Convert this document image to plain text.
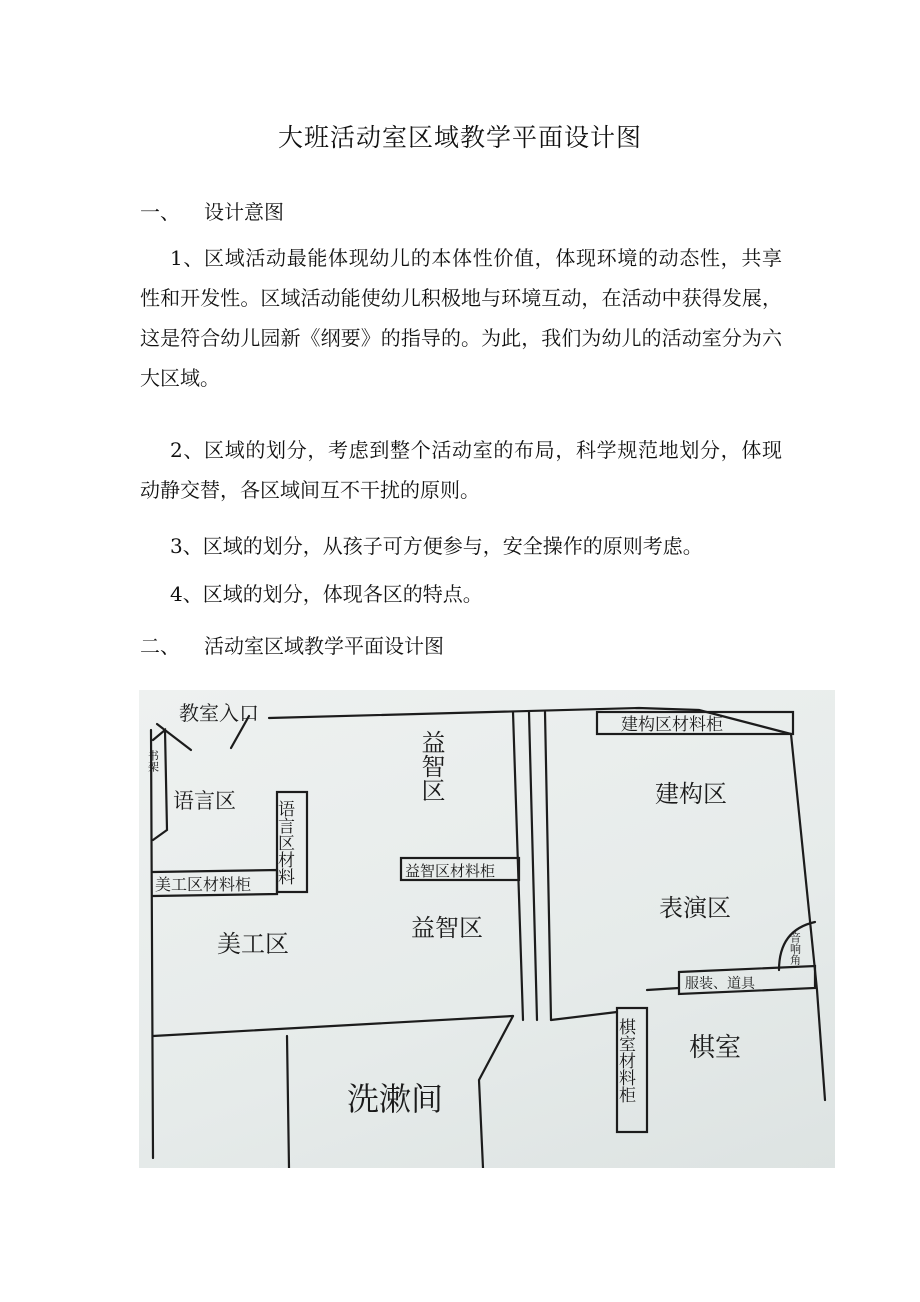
大班活动室区域教学平面设计图
一、 设计意图

1、区域活动最能体现幼儿的本体性价值，体现环境的动态性，共享性和开发性。区域活动能使幼儿积极地与环境互动，在活动中获得发展，这是符合幼儿园新《纲要》的指导的。为此，我们为幼儿的活动室分为六大区域。

2、区域的划分，考虑到整个活动室的布局，科学规范地划分，体现动静交替，各区域间互不干扰的原则。

3、区域的划分，从孩子可方便参与，安全操作的原则考虑。

4、区域的划分，体现各区的特点。

二、 活动室区域教学平面设计图
教室入口
书架
语言区 语言区材料
美工区材料柜
美工区
益智区
益智区材料柜
益智区
建构区材料柜
建构区
表演区
音响角
服装、道具
棋室
棋室材料柜
洗漱间
